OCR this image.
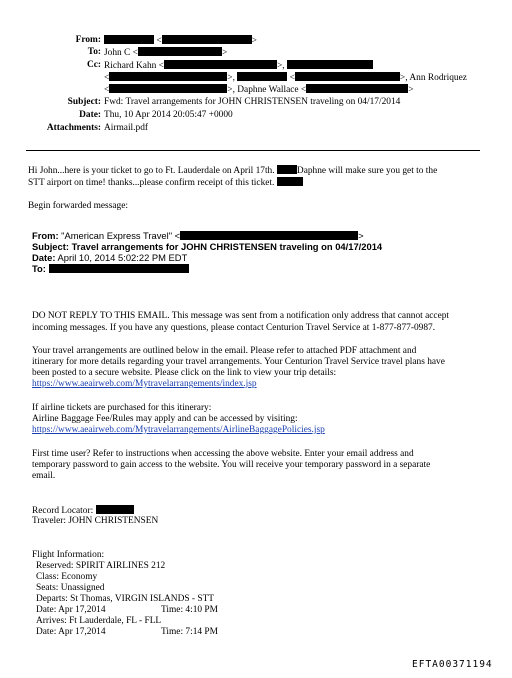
From:	<	>
To: John C <	>
Cc: Richard Kahn <	>,
<	>,	<	>, Ann Rodriquez
<	>, Daphne Wallace <	>
Subject: Fwd: Travel arrangements for JOHN CHRISTENSEN traveling on 04/17/2014
Date: Thu, 10 Apr 2014 20:05:47 +0000
Attachments: Airmail.pdf
Hi John...here is your ticket to go to Ft. Lauderdale on April 17th. Daphne will make sure you get to the
STT airport on time! thanks...please confirm receipt of this ticket.
Begin forwarded message:
From: "American Express Travel" <	>
Subject: Travel arrangements for JOHN CHRISTENSEN traveling on 04/17/2014
Date: April 10, 2014 5:02:22 PM EDT
To:
DO NOT REPLY TO THIS EMAIL. This message was sent from a notification only address that cannot accept
incoming messages. If you have any questions, please contact Centurion Travel Service at 1-877-877-0987.
Your travel arrangements are outlined below in the email. Please refer to attached PDF attachment and
itinerary for more details regarding your travel arrangements. Your Centurion Travel Service travel plans have
been posted to a secure website. Please click on the link to view your trip details:
https://www.aeairweb.com/Mytravelarrangements/index.jsp
If airline tickets are purchased for this itinerary:
Airline Baggage Fee/Rules may apply and can be accessed by visiting:
https://www.aeairweb.com/Mytravelarrangements/AirlineBaggagePolicies.jsp
First time user? Refer to instructions when accessing the above website. Enter your email address and
temporary password to gain access to the website. You will receive your temporary password in a separate
email.
Record Locator:
Traveler: JOHN CHRISTENSEN
Flight Information:
Reserved: SPIRIT AIRLINES 212
Class: Economy
Seats: Unassigned
Departs: St Thomas, VIRGIN ISLANDS - STT
Date: Apr 17,2014	Time: 4:10 PM
Arrives: Ft Lauderdale, FL - FLL
Date: Apr 17,2014	Time: 7:14 PM
EFTA00371194
